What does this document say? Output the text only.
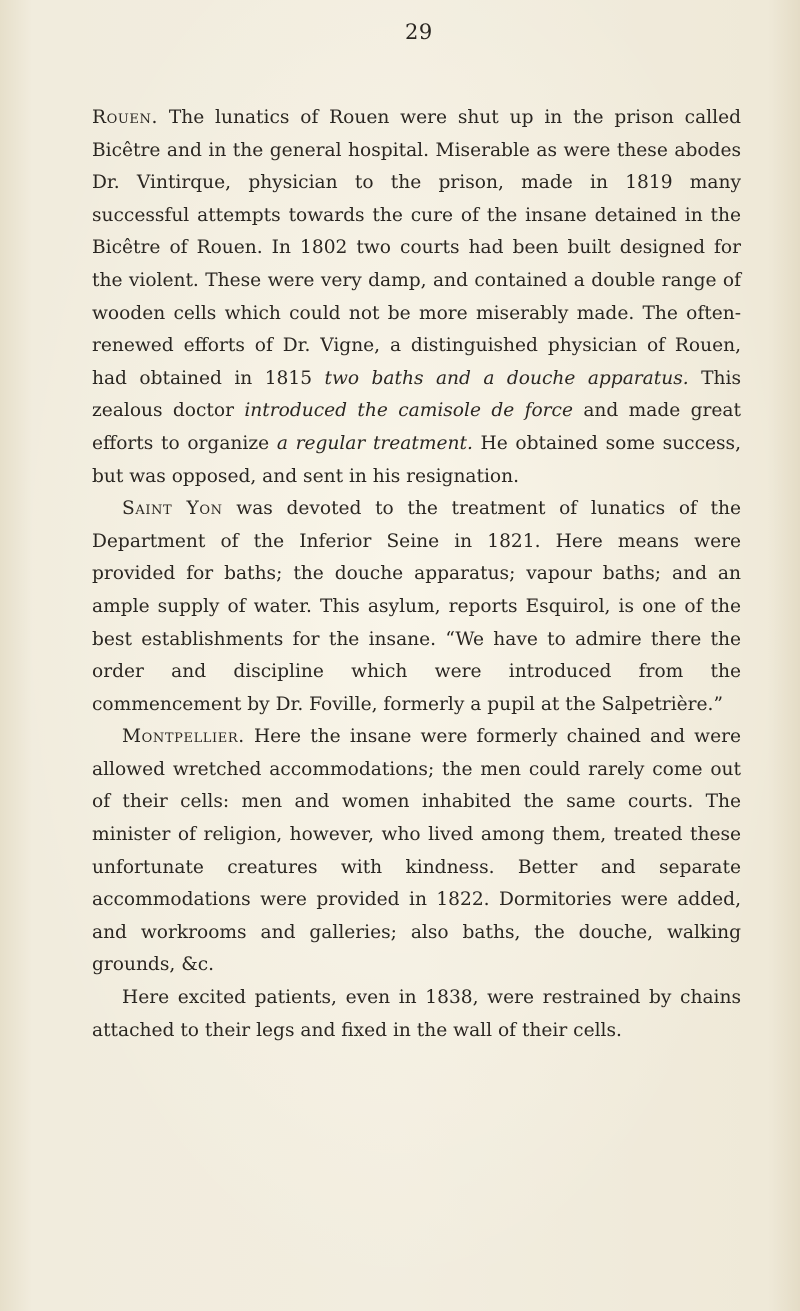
29

Rouen. The lunatics of Rouen were shut up in the prison called Bicêtre and in the general hospital. Miserable as were these abodes Dr. Vintirque, physician to the prison, made in 1819 many successful attempts towards the cure of the insane detained in the Bicêtre of Rouen. In 1802 two courts had been built designed for the violent. These were very damp, and contained a double range of wooden cells which could not be more miserably made. The often-renewed efforts of Dr. Vigne, a distinguished physician of Rouen, had obtained in 1815 two baths and a douche apparatus. This zealous doctor introduced the camisole de force and made great efforts to organize a regular treatment. He obtained some success, but was opposed, and sent in his resignation.

Saint Yon was devoted to the treatment of lunatics of the Department of the Inferior Seine in 1821. Here means were provided for baths; the douche apparatus; vapour baths; and an ample supply of water. This asylum, reports Esquirol, is one of the best establishments for the insane. “We have to admire there the order and discipline which were introduced from the commencement by Dr. Foville, formerly a pupil at the Salpetrière.”

Montpellier. Here the insane were formerly chained and were allowed wretched accommodations; the men could rarely come out of their cells: men and women inhabited the same courts. The minister of religion, however, who lived among them, treated these unfortunate creatures with kindness. Better and separate accommodations were provided in 1822. Dormitories were added, and workrooms and galleries; also baths, the douche, walking grounds, &c.

Here excited patients, even in 1838, were restrained by chains attached to their legs and fixed in the wall of their cells.
